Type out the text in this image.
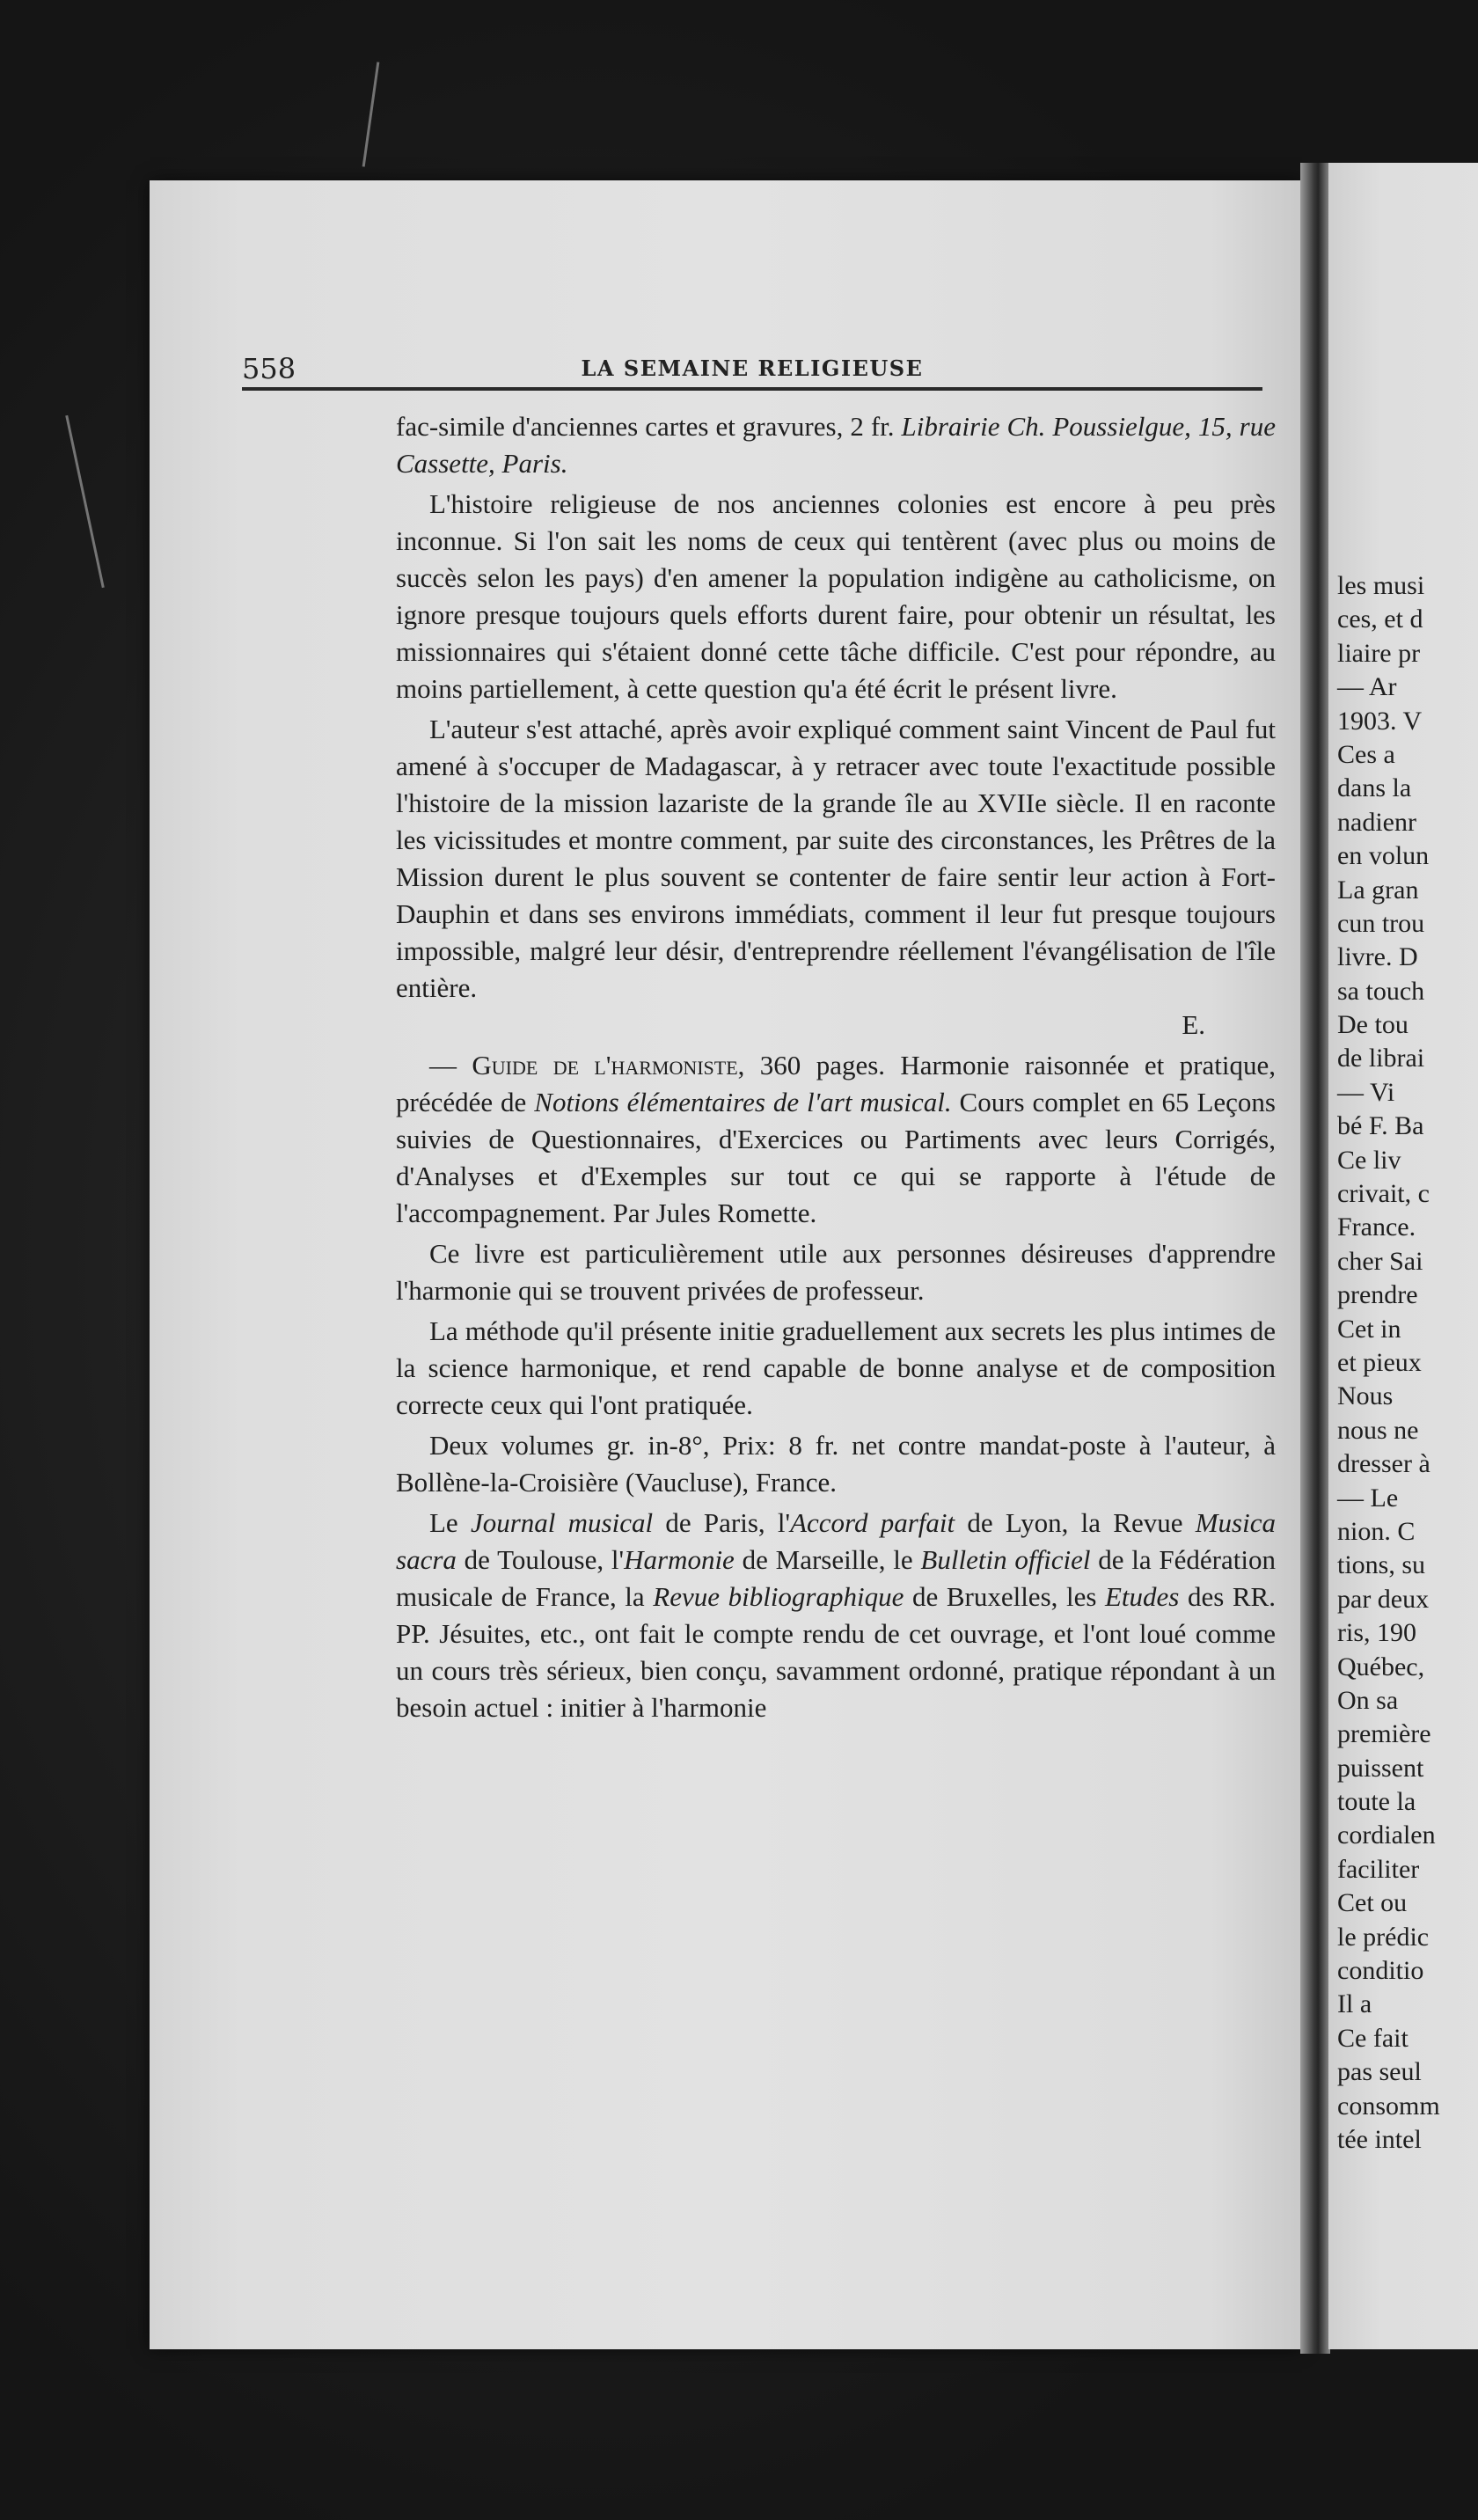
les musi
ces, et d
liaire pr
— Ar
1903. V
Ces a
dans la
nadienr
en volun
La gran
cun trou
livre. D
sa touch
De tou
de librai
— Vi
bé F. Ba
Ce liv
crivait, c
France.
cher Sai
prendre
Cet in
et pieux
Nous
nous ne
dresser à
— Le
nion. C
tions, su
par deux
ris, 190
Québec,
On sa
première
puissent
toute la
cordialen
faciliter
Cet ou
le prédic
conditio
Il a
Ce fait
pas seul
consomm
tée intel
558	LA SEMAINE RELIGIEUSE

fac-simile d'anciennes cartes et gravures, 2 fr. Librairie Ch. Poussielgue, 15, rue Cassette, Paris.

L'histoire religieuse de nos anciennes colonies est encore à peu près inconnue. Si l'on sait les noms de ceux qui tentèrent (avec plus ou moins de succès selon les pays) d'en amener la population indigène au catholicisme, on ignore presque toujours quels efforts durent faire, pour obtenir un résultat, les missionnaires qui s'étaient donné cette tâche difficile. C'est pour répondre, au moins partiellement, à cette question qu'a été écrit le présent livre.

L'auteur s'est attaché, après avoir expliqué comment saint Vincent de Paul fut amené à s'occuper de Madagascar, à y retracer avec toute l'exactitude possible l'histoire de la mission lazariste de la grande île au XVIIe siècle. Il en raconte les vicissitudes et montre comment, par suite des circonstances, les Prêtres de la Mission durent le plus souvent se contenter de faire sentir leur action à Fort-Dauphin et dans ses environs immédiats, comment il leur fut presque toujours impossible, malgré leur désir, d'entreprendre réellement l'évangélisation de l'île entière.
E.

— Guide de l'harmoniste, 360 pages. Harmonie raisonnée et pratique, précédée de Notions élémentaires de l'art musical. Cours complet en 65 Leçons suivies de Questionnaires, d'Exercices ou Partiments avec leurs Corrigés, d'Analyses et d'Exemples sur tout ce qui se rapporte à l'étude de l'accompagnement. Par Jules Romette.

Ce livre est particulièrement utile aux personnes désireuses d'apprendre l'harmonie qui se trouvent privées de professeur.

La méthode qu'il présente initie graduellement aux secrets les plus intimes de la science harmonique, et rend capable de bonne analyse et de composition correcte ceux qui l'ont pratiquée.

Deux volumes gr. in-8°, Prix: 8 fr. net contre mandat-poste à l'auteur, à Bollène-la-Croisière (Vaucluse), France.

Le Journal musical de Paris, l'Accord parfait de Lyon, la Revue Musica sacra de Toulouse, l'Harmonie de Marseille, le Bulletin officiel de la Fédération musicale de France, la Revue bibliographique de Bruxelles, les Etudes des RR. PP. Jésuites, etc., ont fait le compte rendu de cet ouvrage, et l'ont loué comme un cours très sérieux, bien conçu, savamment ordonné, pratique répondant à un besoin actuel : initier à l'harmonie
